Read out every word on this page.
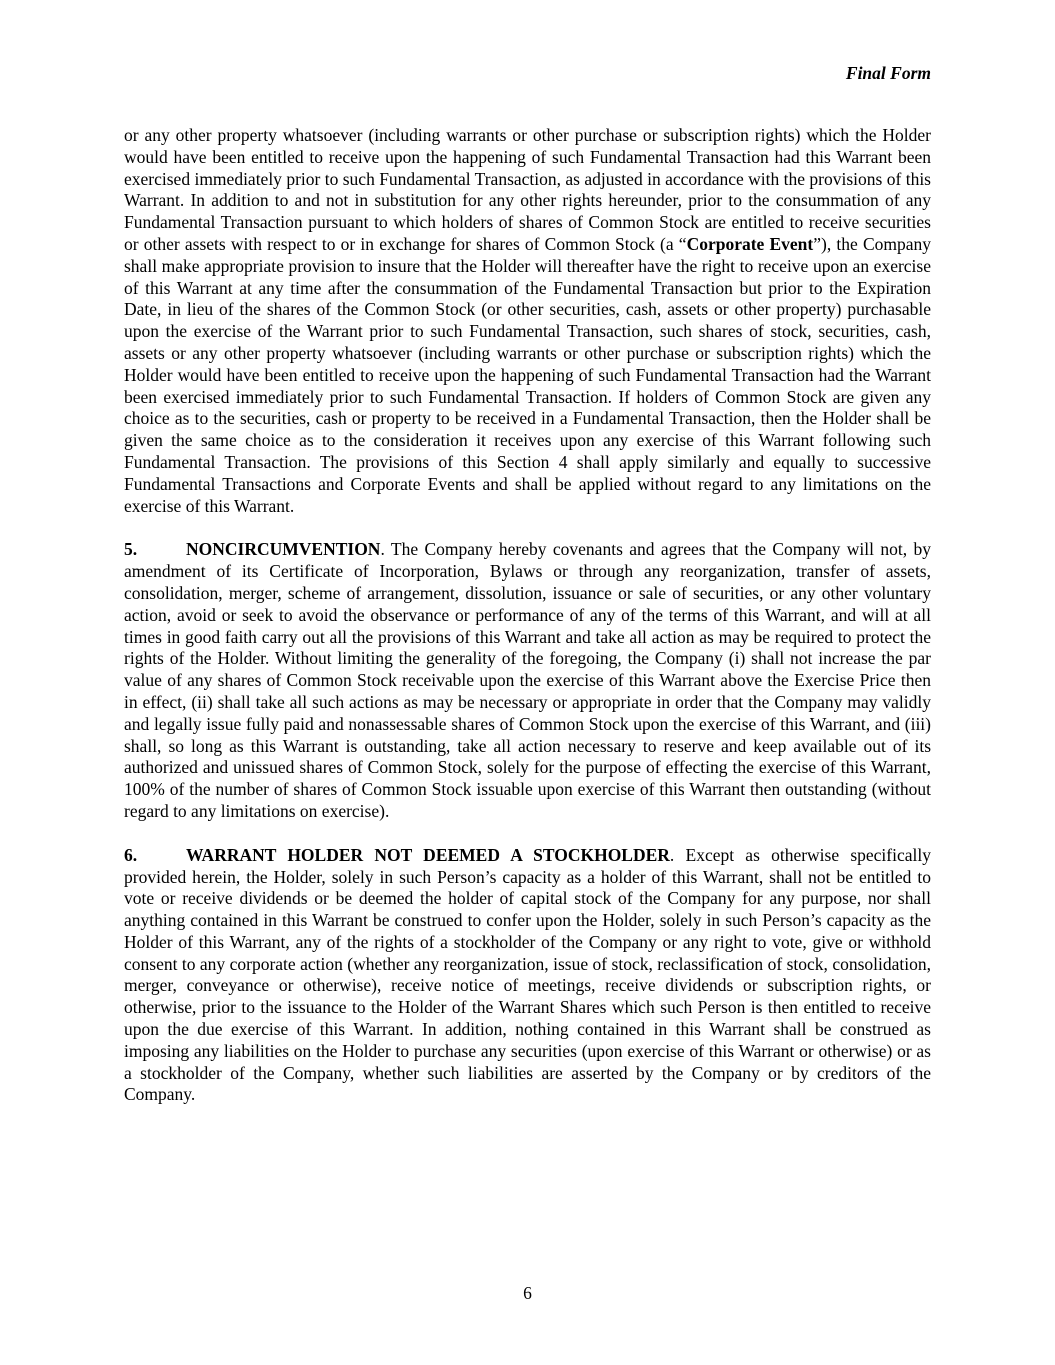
Final Form

or any other property whatsoever (including warrants or other purchase or subscription rights) which the Holder would have been entitled to receive upon the happening of such Fundamental Transaction had this Warrant been exercised immediately prior to such Fundamental Transaction, as adjusted in accordance with the provisions of this Warrant. In addition to and not in substitution for any other rights hereunder, prior to the consummation of any Fundamental Transaction pursuant to which holders of shares of Common Stock are entitled to receive securities or other assets with respect to or in exchange for shares of Common Stock (a “Corporate Event”), the Company shall make appropriate provision to insure that the Holder will thereafter have the right to receive upon an exercise of this Warrant at any time after the consummation of the Fundamental Transaction but prior to the Expiration Date, in lieu of the shares of the Common Stock (or other securities, cash, assets or other property) purchasable upon the exercise of the Warrant prior to such Fundamental Transaction, such shares of stock, securities, cash, assets or any other property whatsoever (including warrants or other purchase or subscription rights) which the Holder would have been entitled to receive upon the happening of such Fundamental Transaction had the Warrant been exercised immediately prior to such Fundamental Transaction. If holders of Common Stock are given any choice as to the securities, cash or property to be received in a Fundamental Transaction, then the Holder shall be given the same choice as to the consideration it receives upon any exercise of this Warrant following such Fundamental Transaction. The provisions of this Section 4 shall apply similarly and equally to successive Fundamental Transactions and Corporate Events and shall be applied without regard to any limitations on the exercise of this Warrant.

5.	NONCIRCUMVENTION. The Company hereby covenants and agrees that the Company will not, by amendment of its Certificate of Incorporation, Bylaws or through any reorganization, transfer of assets, consolidation, merger, scheme of arrangement, dissolution, issuance or sale of securities, or any other voluntary action, avoid or seek to avoid the observance or performance of any of the terms of this Warrant, and will at all times in good faith carry out all the provisions of this Warrant and take all action as may be required to protect the rights of the Holder. Without limiting the generality of the foregoing, the Company (i) shall not increase the par value of any shares of Common Stock receivable upon the exercise of this Warrant above the Exercise Price then in effect, (ii) shall take all such actions as may be necessary or appropriate in order that the Company may validly and legally issue fully paid and nonassessable shares of Common Stock upon the exercise of this Warrant, and (iii) shall, so long as this Warrant is outstanding, take all action necessary to reserve and keep available out of its authorized and unissued shares of Common Stock, solely for the purpose of effecting the exercise of this Warrant, 100% of the number of shares of Common Stock issuable upon exercise of this Warrant then outstanding (without regard to any limitations on exercise).

6.	WARRANT HOLDER NOT DEEMED A STOCKHOLDER. Except as otherwise specifically provided herein, the Holder, solely in such Person’s capacity as a holder of this Warrant, shall not be entitled to vote or receive dividends or be deemed the holder of capital stock of the Company for any purpose, nor shall anything contained in this Warrant be construed to confer upon the Holder, solely in such Person’s capacity as the Holder of this Warrant, any of the rights of a stockholder of the Company or any right to vote, give or withhold consent to any corporate action (whether any reorganization, issue of stock, reclassification of stock, consolidation, merger, conveyance or otherwise), receive notice of meetings, receive dividends or subscription rights, or otherwise, prior to the issuance to the Holder of the Warrant Shares which such Person is then entitled to receive upon the due exercise of this Warrant. In addition, nothing contained in this Warrant shall be construed as imposing any liabilities on the Holder to purchase any securities (upon exercise of this Warrant or otherwise) or as a stockholder of the Company, whether such liabilities are asserted by the Company or by creditors of the Company.

6
